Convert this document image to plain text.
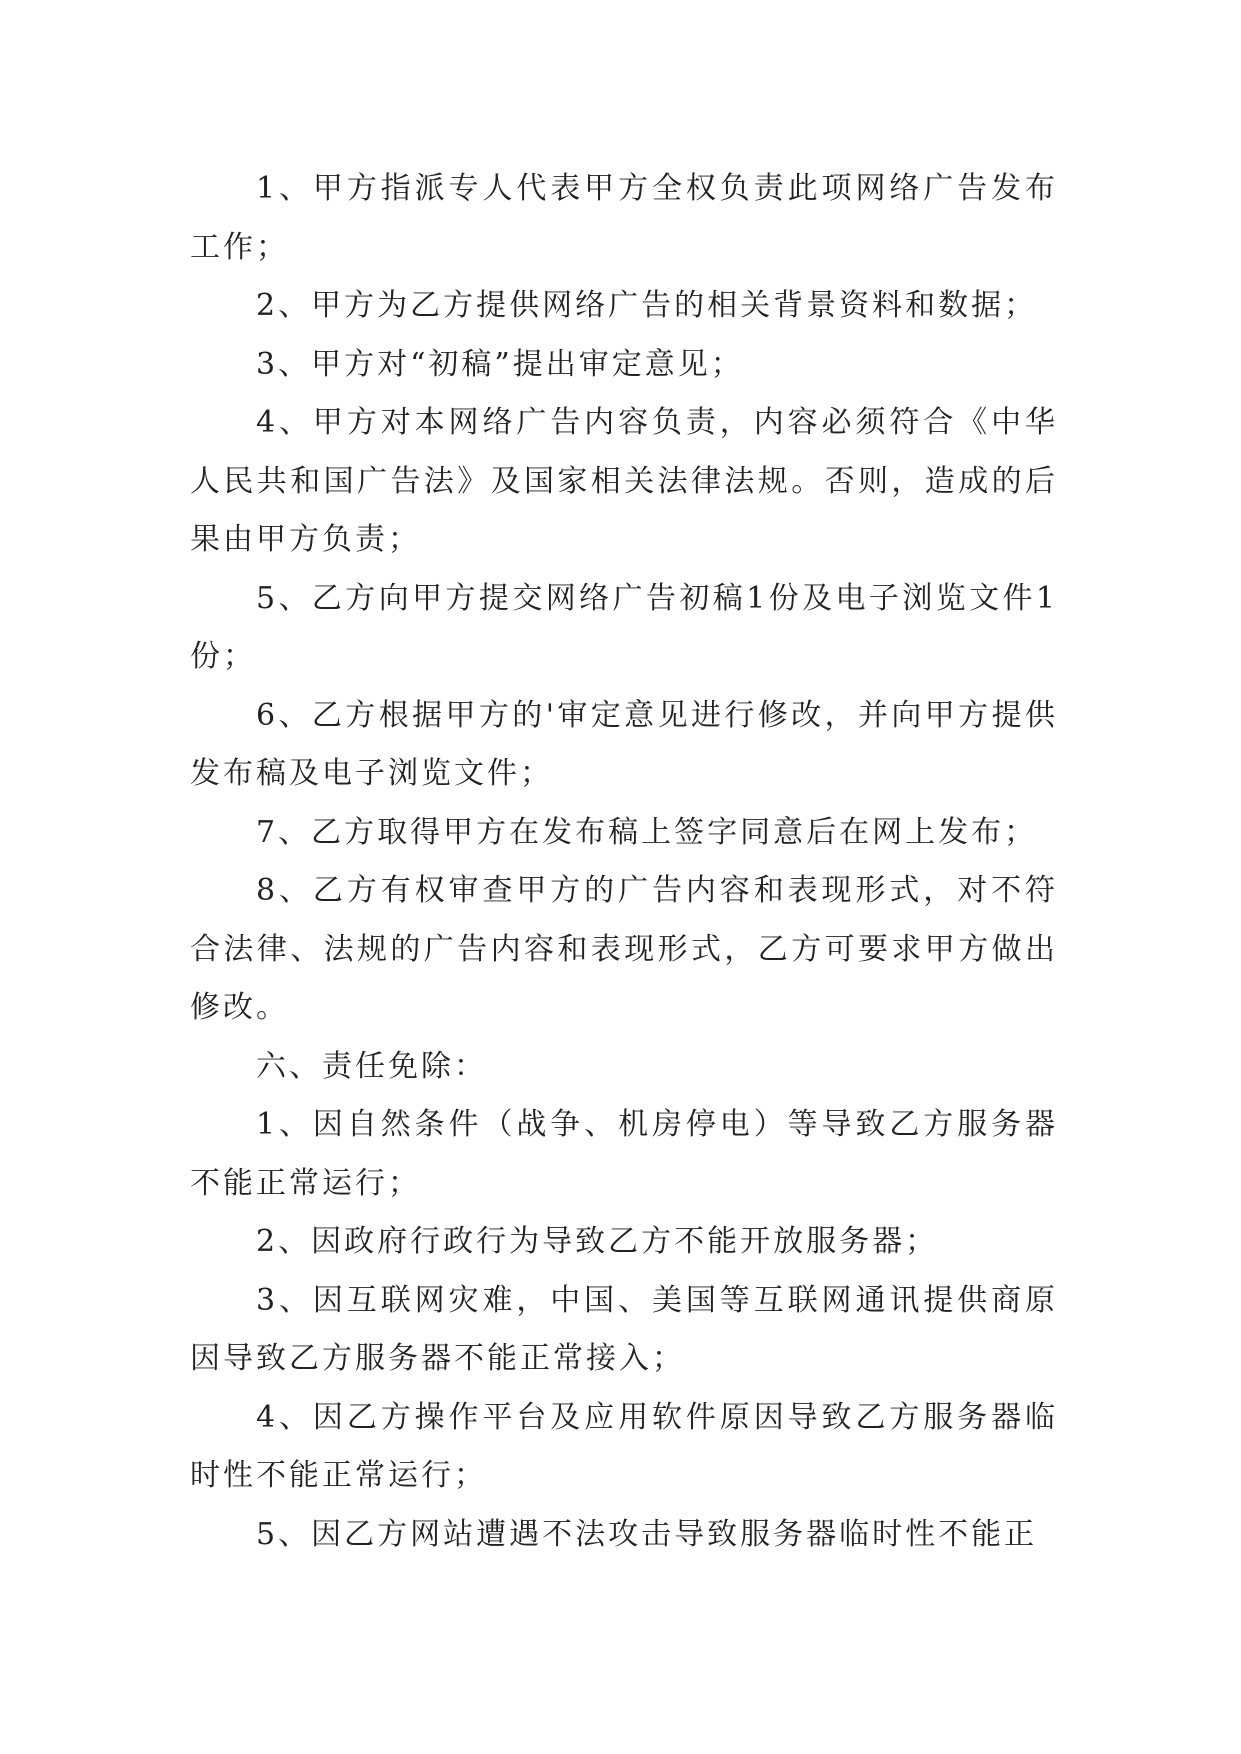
1、甲方指派专人代表甲方全权负责此项网络广告发布工作；

2、甲方为乙方提供网络广告的相关背景资料和数据；

3、甲方对“初稿”提出审定意见；

4、甲方对本网络广告内容负责，内容必须符合《中华人民共和国广告法》及国家相关法律法规。否则，造成的后果由甲方负责；

5、乙方向甲方提交网络广告初稿1份及电子浏览文件1份；

6、乙方根据甲方的'审定意见进行修改，并向甲方提供发布稿及电子浏览文件；

7、乙方取得甲方在发布稿上签字同意后在网上发布；

8、乙方有权审查甲方的广告内容和表现形式，对不符合法律、法规的广告内容和表现形式，乙方可要求甲方做出修改。

六、责任免除：

1、因自然条件（战争、机房停电）等导致乙方服务器不能正常运行；

2、因政府行政行为导致乙方不能开放服务器；

3、因互联网灾难，中国、美国等互联网通讯提供商原因导致乙方服务器不能正常接入；

4、因乙方操作平台及应用软件原因导致乙方服务器临时性不能正常运行；

5、因乙方网站遭遇不法攻击导致服务器临时性不能正
